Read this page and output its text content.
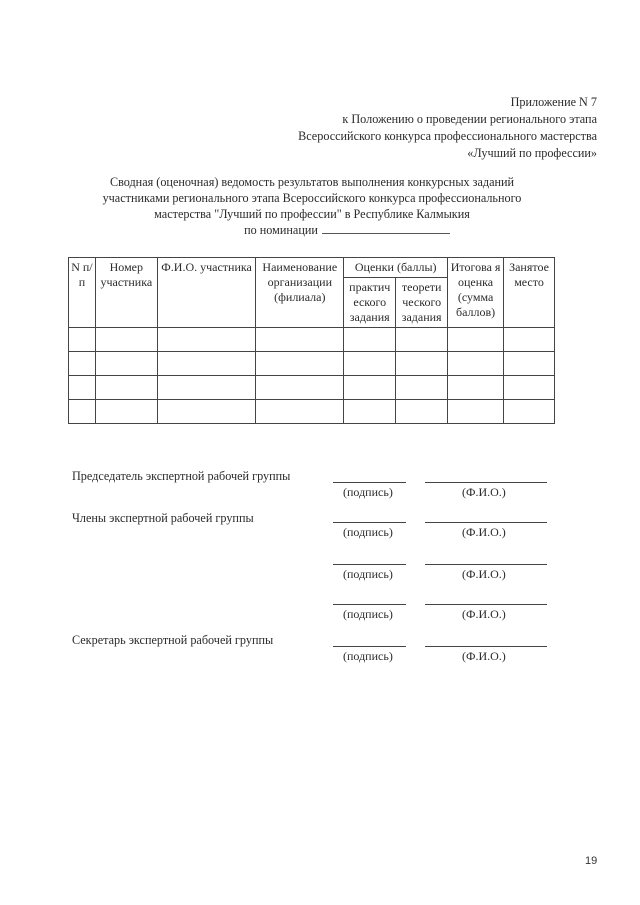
Приложение N 7
к Положению о проведении регионального этапа
Всероссийского конкурса профессионального мастерства
«Лучший по профессии»
Сводная (оценочная) ведомость результатов выполнения конкурсных заданий
участниками регионального этапа Всероссийского конкурса профессионального
мастерства "Лучший по профессии" в Республике Калмыкия
по номинации
N п/п	Номер участника	Ф.И.О. участника	Наименование организации (филиала)	Оценки (баллы)		Итогова я оценка (сумма баллов)	Занятое место
				практич еского задания	теорети ческого задания		

Председатель экспертной рабочей группы
(подпись)	(Ф.И.О.)
Члены экспертной рабочей группы
(подпись)	(Ф.И.О.)
(подпись)	(Ф.И.О.)
(подпись)	(Ф.И.О.)
Секретарь экспертной рабочей группы
(подпись)	(Ф.И.О.)
19
